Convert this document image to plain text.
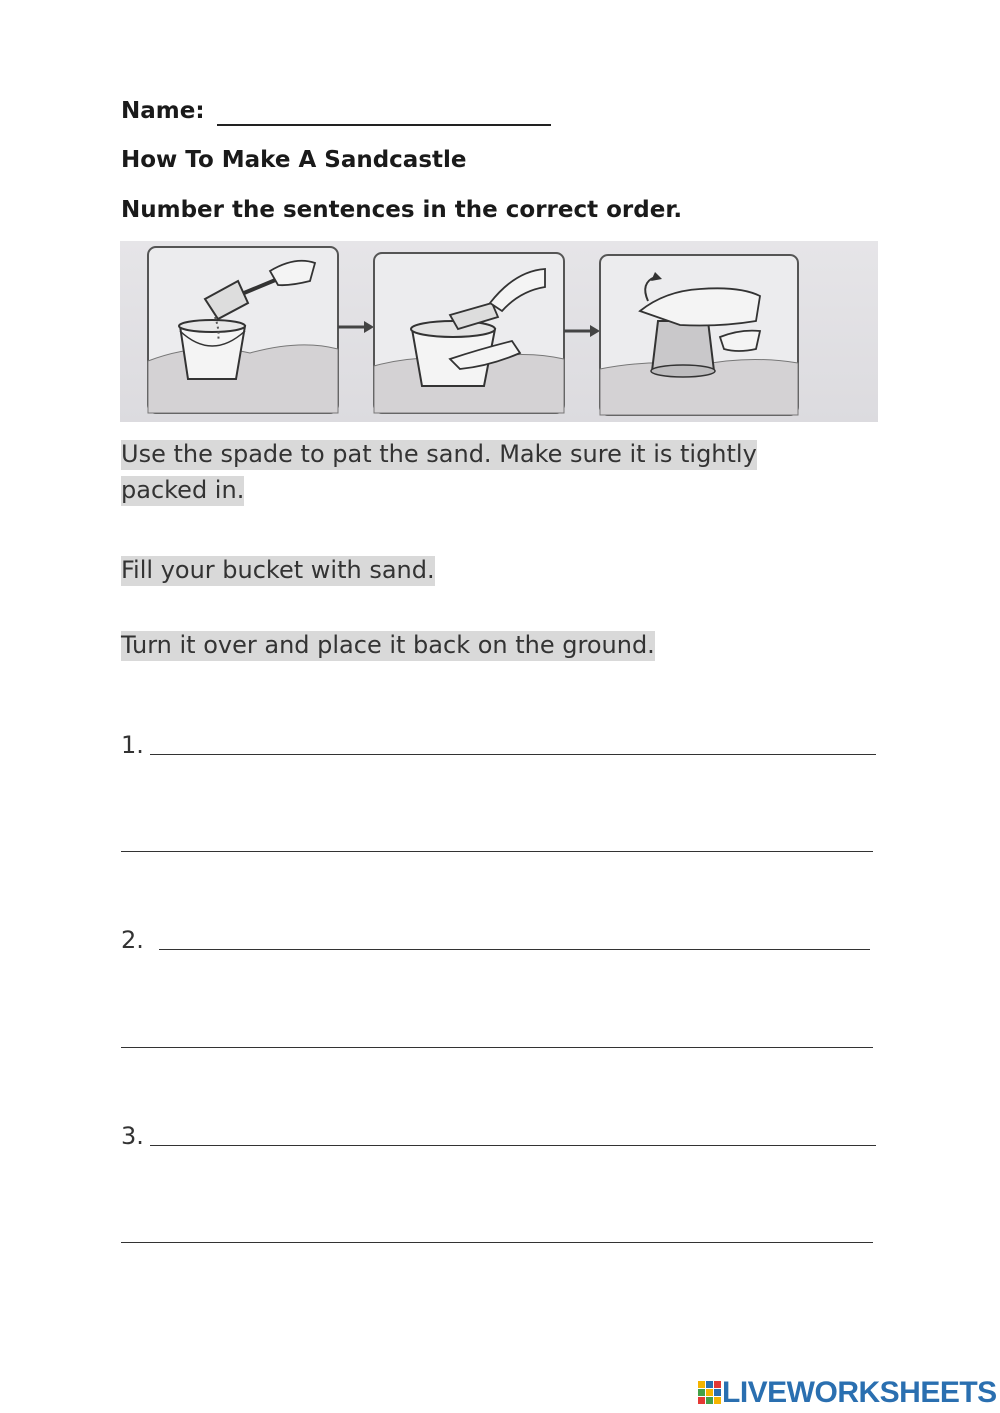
Name:
How To Make A Sandcastle
Number the sentences in the correct order.
Use the spade to pat the sand. Make sure it is tightly
packed in.
Fill your bucket with sand.
Turn it over and place it back on the ground.
1.
2.
3.
LIVEWORKSHEETS
